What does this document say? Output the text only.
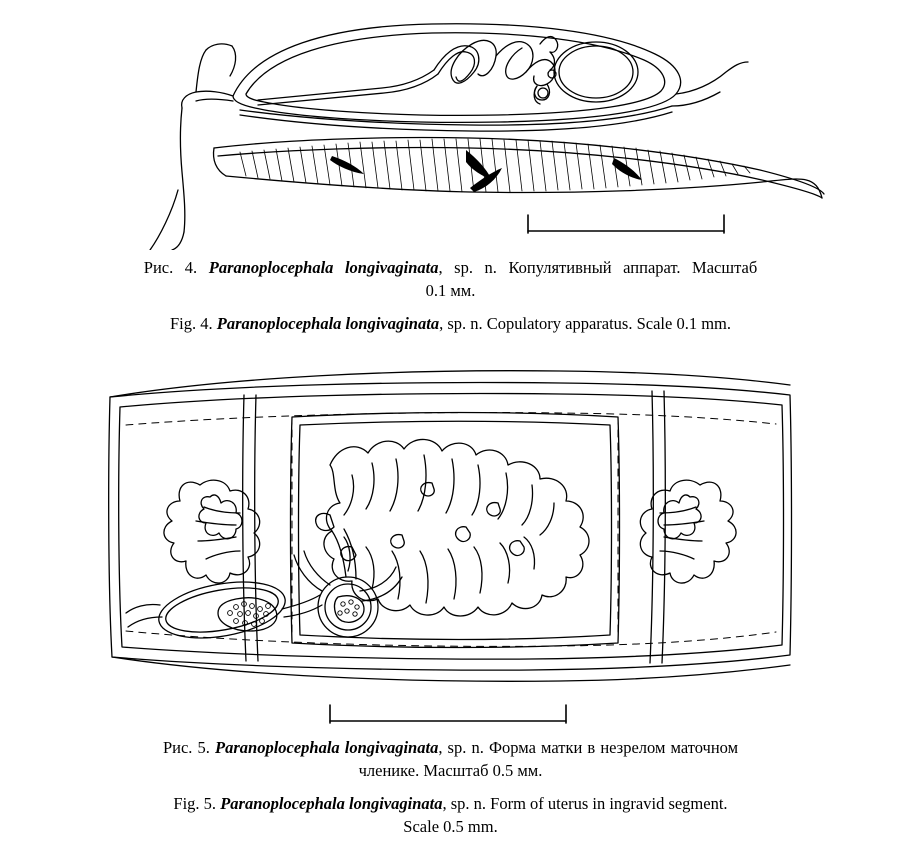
Рис. 4. Paranoplocephala longivaginata, sp. n. Копулятивный аппарат. Масштаб
0.1 мм.
Fig. 4. Paranoplocephala longivaginata, sp. n. Copulatory apparatus. Scale 0.1 mm.
Рис. 5. Paranoplocephala longivaginata, sp. n. Форма матки в незрелом маточном
членике. Масштаб 0.5 мм.
Fig. 5. Paranoplocephala longivaginata, sp. n. Form of uterus in ingravid segment.
Scale 0.5 mm.
